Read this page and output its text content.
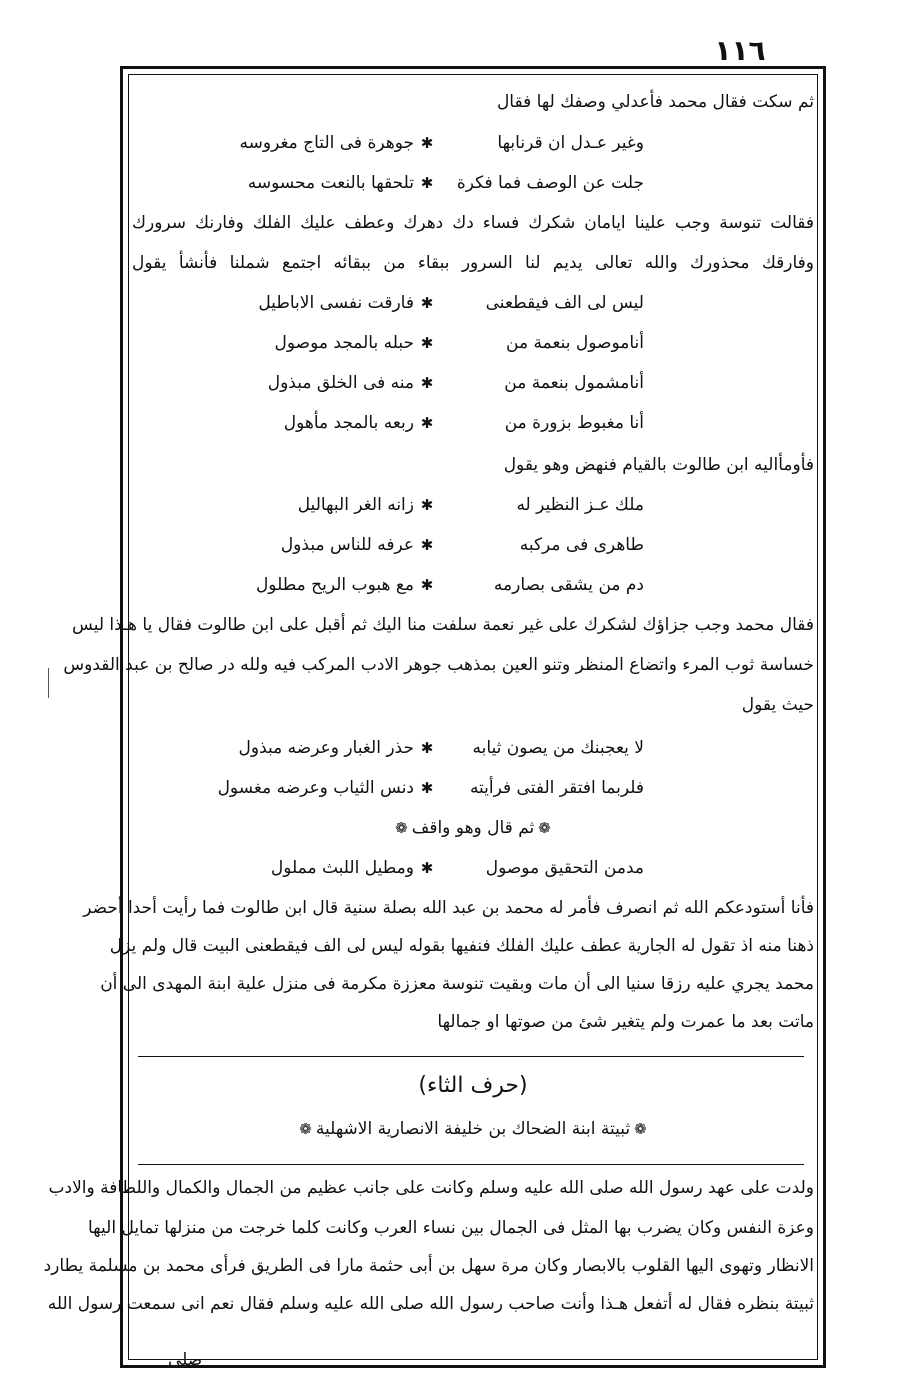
١١٦
ثم سكت فقال محمد فأعدلي وصفك لها فقال
وغير عـدل ان قرنابها
✱
جوهرة فى التاج مغروسه
جلت عن الوصف فما فكرة
✱
تلحقها بالنعت محسوسه
فقالت تنوسة وجب علينا ايامان شكرك فساء دك دهرك وعطف عليك الفلك وفارنك سرورك
وفارقك محذورك والله تعالى يديم لنا السرور ببقاء من ببقائه اجتمع شملنا فأنشأ يقول
ليس لى الف فيقطعنى
✱
فارقت نفسى الاباطيل
أناموصول بنعمة من
✱
حبله بالمجد موصول
أنامشمول بنعمة من
✱
منه فى الخلق مبذول
أنا مغبوط بزورة من
✱
ربعه بالمجد مأهول
فأومأاليه ابن طالوت بالقيام فنهض وهو يقول
ملك عـز النظير له
✱
زانه الغر البهاليل
طاهرى فى مركبه
✱
عرفه للناس مبذول
دم من يشقى بصارمه
✱
مع هبوب الريح مطلول
فقال محمد وجب جزاؤك لشكرك على غير نعمة سلفت منا اليك ثم أقبل على ابن طالوت فقال يا هـذا ليس
خساسة ثوب المرء واتضاع المنظر وتنو العين بمذهب جوهر الادب المركب فيه ولله در صالح بن عبد القدوس
حيث يقول
لا يعجبنك من يصون ثيابه
✱
حذر الغبار وعرضه مبذول
فلربما افتقر الفتى فرأيته
✱
دنس الثياب وعرضه مغسول
❁ثم قال وهو واقف❁
مدمن التحقيق موصول
✱
ومطيل اللبث مملول
فأنا أستودعكم الله ثم انصرف فأمر له محمد بن عبد الله بصلة سنية قال ابن طالوت فما رأيت أحدا أحضر
ذهنا منه اذ تقول له الجارية عطف عليك الفلك فنفيها بقوله ليس لى الف فيقطعنى البيت قال ولم يزل
محمد يجري عليه رزقا سنيا الى أن مات وبقيت تنوسة معززة مكرمة فى منزل علية ابنة المهدى الى أن
ماتت بعد ما عمرت ولم يتغير شئ من صوتها او جمالها
(حرف الثاء)
❁ثبيتة ابنة الضحاك بن خليفة الانصارية الاشهلية❁
ولدت على عهد رسول الله صلى الله عليه وسلم وكانت على جانب عظيم من الجمال والكمال واللطافة والادب
وعزة النفس وكان يضرب بها المثل فى الجمال بين نساء العرب وكانت كلما خرجت من منزلها تمايل اليها
الانظار وتهوى اليها القلوب بالابصار وكان مرة سهل بن أبى حثمة مارا فى الطريق فرأى محمد بن مسلمة يطارد
ثبيتة بنظره فقال له أتفعل هـذا وأنت صاحب رسول الله صلى الله عليه وسلم فقال نعم انى سمعت رسول الله
صلى
